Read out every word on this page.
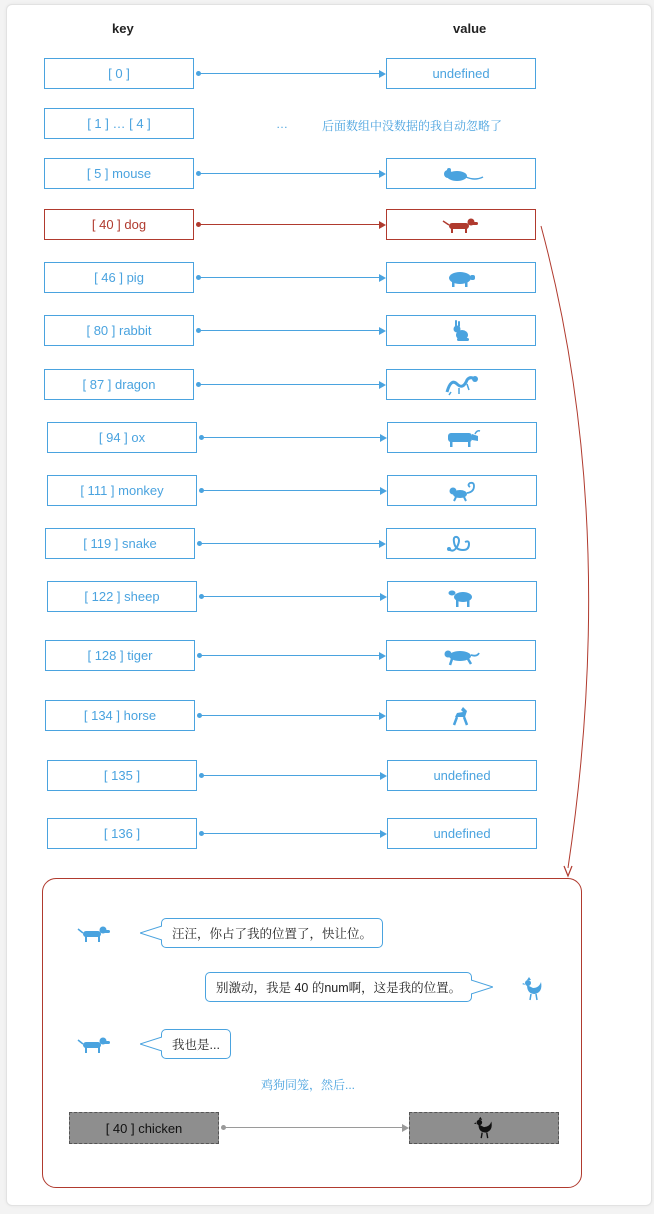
key	value
[ 0 ]	undefined
[ 1 ] … [ 4 ]	…	后面数组中没数据的我自动忽略了
[ 5 ] mouse
[ 40 ] dog
[ 46 ] pig
[ 80 ] rabbit
[ 87 ] dragon
[ 94 ] ox
[ 111 ] monkey
[ 119 ] snake
[ 122 ] sheep
[ 128 ] tiger
[ 134 ] horse
[ 135 ]	undefined
[ 136 ]	undefined
汪汪，你占了我的位置了，快让位。
别激动，我是 40 的num啊，这是我的位置。
我也是...
鸡狗同笼，然后...
[ 40 ] chicken
